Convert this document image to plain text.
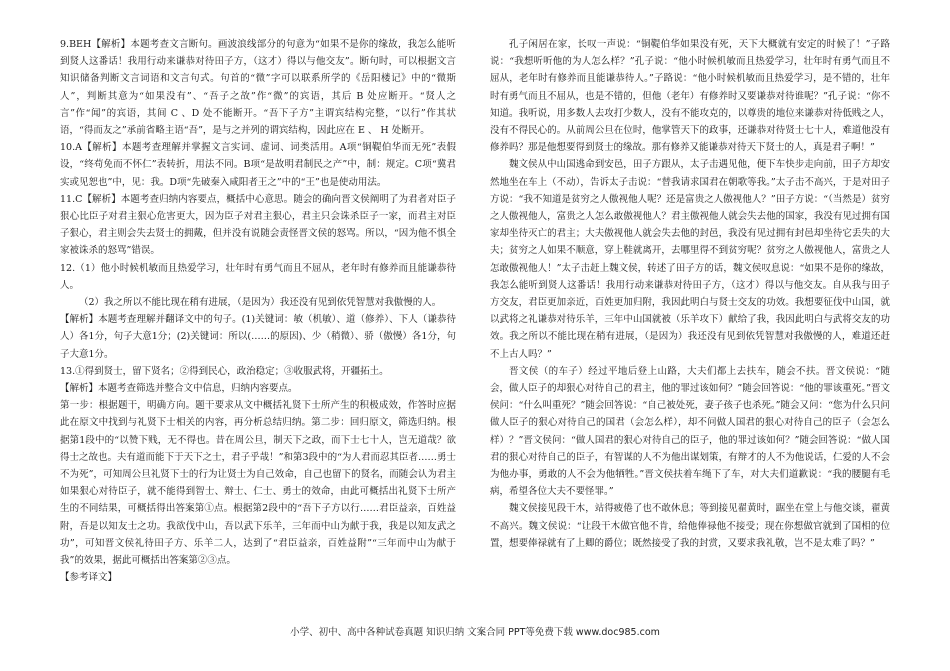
9.BEH【解析】本题考查文言断句。画波浪线部分的句意为“如果不是你的缘故，我怎么能听到贤人这番话！我用行动来谦恭对待田子方，（这才）得以与他交友”。断句时，可以根据文言知识储备判断文言词语和文言句式。句首的“微”字可以联系所学的《岳阳楼记》中的“微斯人”，判断其意为“如果没有”、“吾子之故”作“微”的宾语，其后 B 处应断开。“贤人之言”作“闻”的宾语，其间 C 、D 处不能断开。“吾下子方”主谓宾结构完整，“以行”作其状语，“得而友之”承前省略主语“吾”，是与之并列的谓宾结构，因此应在 E 、 H 处断开。

10.A【解析】本题考查理解并掌握文言实词、虚词、词类活用。A项“铜鞮伯华而无死”表假设，“终苟免而不怀仁”表转折，用法不同。B项“是故明君制民之产”中，制：规定。C项“冀君实或见恕也”中，见：我。D项“先破秦入咸阳者王之”中的“王”也是使动用法。

11.C【解析】本题考查归纳内容要点，概括中心意思。随会的确向晋文侯阐明了为君者对臣子狠心比臣子对君主狠心危害更大，因为臣子对君主狠心，君主只会诛杀臣子一家，而君主对臣子狠心，君主则会失去贤士的拥戴，但并没有说随会责怪晋文侯的怒骂。所以，“因为他不惧全家被诛杀的怒骂”错误。

12.（1）他小时候机敏而且热爱学习，壮年时有勇气而且不屈从，老年时有修养而且能谦恭待人。

（2）我之所以不能比现在稍有进展，（是因为）我还没有见到依凭智慧对我傲慢的人。

【解析】本题考查理解并翻译文中的句子。(1)关键词：敏（机敏）、道（修养）、下人（谦恭待人）各1分，句子大意1分；(2)关键词：所以(……的原因)、少（稍微）、骄（傲慢）各1分，句子大意1分。

13.①得到贤士，留下贤名；②得到民心，政治稳定；③收服武将，开疆拓土。

【解析】本题考查筛选并整合文中信息，归纳内容要点。

第一步：根据题干，明确方向。题干要求从文中概括礼贤下士所产生的积极成效，作答时应据此在原文中找到与礼贤下士相关的内容，再分析总结归纳。第二步：回归原文，筛选归纳。根据第1段中的“以赞下贱，无不得也。昔在周公旦，制天下之政，而下士七十人，岂无道哉？欲得士之故也。夫有道而能下于天下之士，君子乎哉！”和第3段中的“为人君而忍其臣者……勇士不为死”，可知周公旦礼贤下士的行为让贤士为自己效命，自己也留下的贤名，而随会认为君主如果狠心对待臣子，就不能得到智士、辩士、仁士、勇士的效命，由此可概括出礼贤下士所产生的不同结果，可概括得出答案第①点。根据第2段中的“吾下子方以行……君臣益亲，百姓益附，吾是以知友士之功。我欲伐中山，吾以武下乐羊，三年而中山为献于我，我是以知友武之功”，可知晋文侯礼待田子方、乐羊二人，达到了“君臣益亲，百姓益附”“三年而中山为献于我”的效果，据此可概括出答案第②③点。

【参考译文】

孔子闲居在家，长叹一声说：“铜鞮伯华如果没有死，天下大概就有安定的时候了！”子路说：“我想听听他的为人怎么样？”孔子说：“他小时候机敏而且热爱学习，壮年时有勇气而且不屈从，老年时有修养而且能谦恭待人。”子路说：“他小时候机敏而且热爱学习，是不错的，壮年时有勇气而且不屈从，也是不错的，但他（老年）有修养时又要谦恭对待谁呢？”孔子说：“你不知道。我听说，用多数人去攻打少数人，没有不能攻克的，以尊贵的地位来谦恭对待低贱之人，没有不得民心的。从前周公旦在位时，他掌管天下的政事，还谦恭对待贤士七十人，难道他没有修养吗？那是他想要得到贤士的缘故。那有修养又能谦恭对待天下贤士的人，真是君子啊！”

魏文侯从中山国逃命到安邑，田子方跟从，太子击遇见他，便下车快步走向前，田子方却安然地坐在车上（不动），告诉太子击说：“替我请求国君在朝歌等我。”太子击不高兴，于是对田子方说：“我不知道是贫穷之人傲视他人呢？还是富贵之人傲视他人？”田子方说：“（当然是）贫穷之人傲视他人，富贵之人怎么敢傲视他人？君主傲视他人就会失去他的国家，我没有见过拥有国家却坐待灭亡的君主；大夫傲视他人就会失去他的封邑，我没有见过拥有封邑却坐待它丢失的大夫；贫穷之人如果不顺意，穿上鞋就离开，去哪里得不到贫穷呢？贫穷之人傲视他人，富贵之人怎敢傲视他人！”太子击赶上魏文侯，转述了田子方的话，魏文侯叹息说：“如果不是你的缘故，我怎么能听到贤人这番话！我用行动来谦恭对待田子方，（这才）得以与他交友。自从我与田子方交友，君臣更加亲近，百姓更加归附，我因此明白与贤士交友的功效。我想要征伐中山国，就以武将之礼谦恭对待乐羊，三年中山国就被（乐羊攻下）献给了我，我因此明白与武将交友的功效。我之所以不能比现在稍有进展，（是因为）我还没有见到依凭智慧对我傲慢的人，难道还赶不上古人吗？”

晋文侯（的车子）经过平地后登上山路，大夫们都上去扶车，随会不扶。晋文侯说：“随会，做人臣子的却狠心对待自己的君主，他的罪过该如何？”随会回答说：“他的罪该重死。”晋文侯问：“什么叫重死？”随会回答说：“自己被处死，妻子孩子也杀死。”随会又问：“您为什么只问做人臣子的狠心对待自己的国君（会怎么样），却不问做人国君的狠心对待自己的臣子（会怎么样）？”晋文侯问：“做人国君的狠心对待自己的臣子，他的罪过该如何？”随会回答说：“做人国君的狠心对待自己的臣子，有智谋的人不为他出谋划策，有辩才的人不为他说话，仁爱的人不会为他办事，勇敢的人不会为他牺牲。”晋文侯扶着车绳下了车，对大夫们道歉说：“我的腰腿有毛病，希望各位大夫不要怪罪。”

魏文侯接见段干木，站得疲倦了也不敢休息；等到接见翟黄时，踞坐在堂上与他交谈，翟黄不高兴。魏文侯说：“让段干木做官他不肯，给他俸禄他不接受；现在你想做官就到了国相的位置，想要俸禄就有了上卿的爵位；既然接受了我的封赏，又要求我礼敬，岂不是太难了吗？”

小学、初中、高中各种试卷真题 知识归纳 文案合同 PPT等免费下载 www.doc985.com
